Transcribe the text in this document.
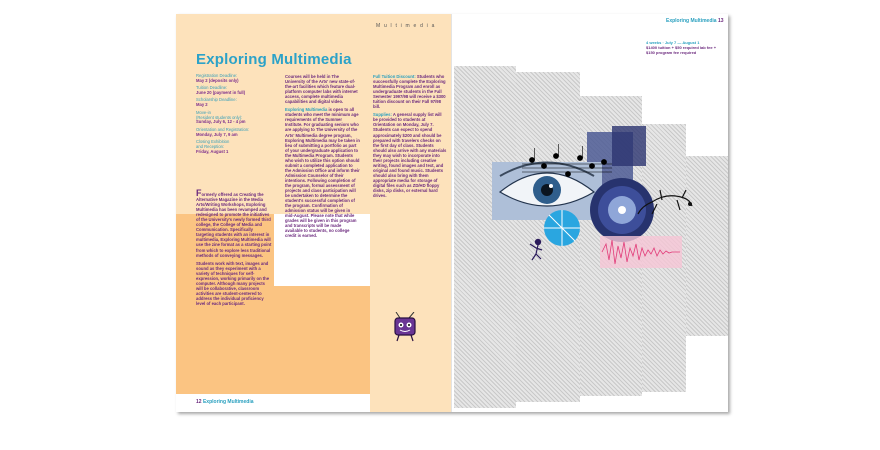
Exploring Multimedia
Registration Deadline:
May 2 (deposits only)
Tuition Deadline:
June 20 (payment in full)
Scholarship Deadline:
May 2
Move-in
(Resident students only):
Sunday, July 6, 12 - 4 pm
Orientation and Registration:
Monday, July 7, 9 am
Closing Exhibition
and Reception:
Friday, August 1

Formerly offered as Creating the Alternative Magazine in the Media Arts/Writing Workshops, Exploring Multimedia has been revamped and redesigned to promote the initiatives of the University's newly formed third college, the College of Media and Communication. Specifically targeting students with an interest in multimedia, Exploring Multimedia will use the zine format as a starting point from which to explore less traditional methods of conveying messages.

Students work with text, images and sound as they experiment with a variety of techniques for self-expression, working primarily on the computer. Although many projects will be collaborative, classroom activities are student-centered to address the individual proficiency level of each participant.

Courses will be held in The University of the Arts' new state-of-the-art facilities which feature dual-platform computer labs with internet access, complete multimedia capabilities and digital video.

Exploring Multimedia is open to all students who meet the minimum age requirements of the Summer Institute. For graduating seniors who are applying to The University of the Arts' Multimedia degree program, Exploring Multimedia may be taken in lieu of submitting a portfolio as part of your undergraduate application to the Multimedia Program. Students who wish to utilize this option should submit a completed application to the Admission Office and inform their Admission Counselor of their intentions. Following completion of the program, formal assessment of projects and class participation will be undertaken to determine the student's successful completion of the program. Confirmation of admission status will be given in mid-August. Please note that while grades will be given in this program and transcripts will be made available to students, no college credit is earned.

Full Tuition Discount: Students who successfully complete the Exploring Multimedia Program and enroll as undergraduate students in the Fall Semester 1997/98 will receive a $300 tuition discount on their Fall 97/98 bill.

Supplies: A general supply list will be provided to students at Orientation on Monday, July 7. Students can expect to spend approximately $200 and should be prepared with travelers checks on the first day of class. Students should also arrive with any materials they may wish to incorporate into their projects including creative writing, found images and text, and original and found music. Students should also bring with them appropriate media for storage of digital files such as ZD/HD floppy disks, zip disks, or external hard drives.

12 Exploring Multimedia
Multimedia
Exploring Multimedia 13
4 weeks · July 7 — August 1
$1400 tuition + $50 required lab fee + $150 program fee required
